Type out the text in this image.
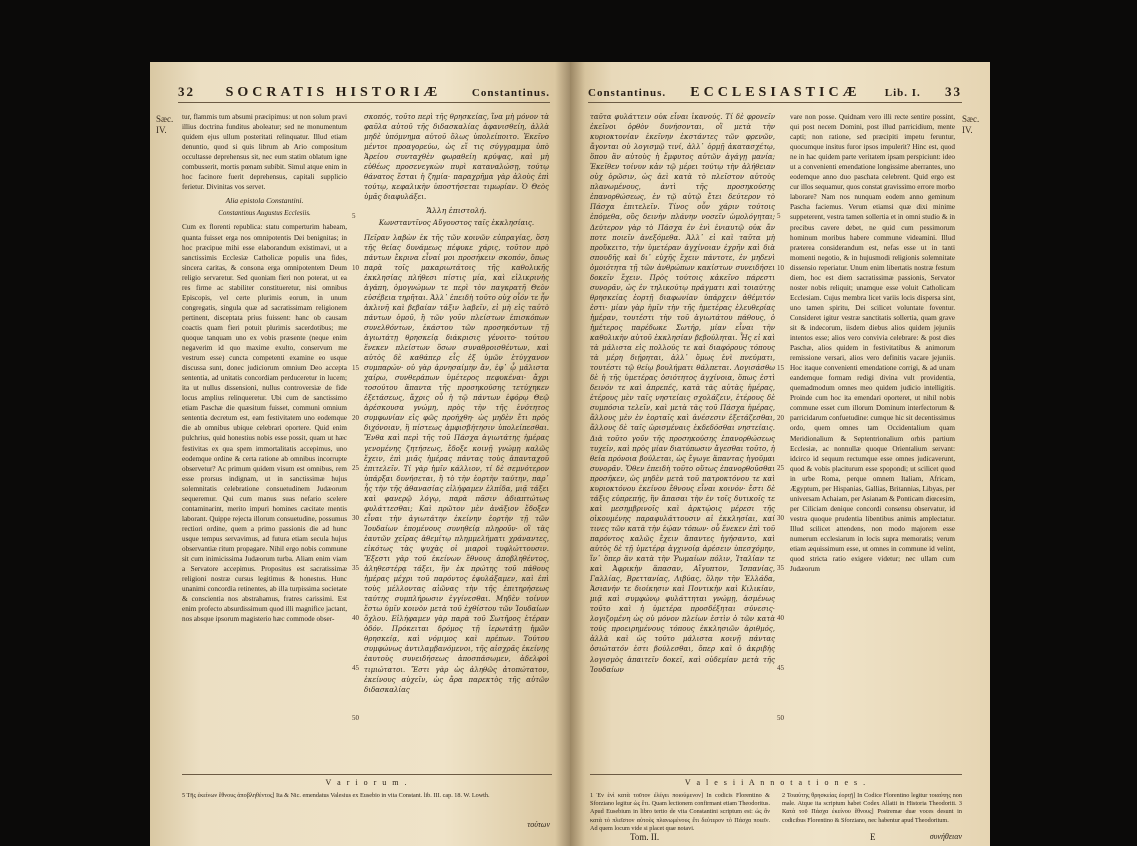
32 SOCRATIS HISTORIÆ	Constantinus.
Sæc. IV.

tur, flammis tum absumi præcipimus: ut non solum pravi illius doctrina funditus aboleatur; sed ne monumentum quidem ejus ullum posteritati relinquatur. Illud etiam denuntio, quod si quis librum ab Ario compositum occultasse deprehensus sit, nec eum statim oblatum igne combusserit, mortis pœnam subibit. Simul atque enim in hoc facinore fuerit deprehensus, capitali supplicio ferietur. Divinitas vos servet.

Alia epistola Constantini.

Constantinus Augustus Ecclesiis.

Cum ex florenti republica: statu comperturim habeam, quanta fuisset erga nos omnipotentis Dei benignitas; in hoc præcipue mihi esse elaborandum existimavi, ut a sanctissimis Ecclesiæ Catholicæ populis una fides, sincera caritas, & consona erga omnipotentem Deum religio servaretur. Sed quoniam fieri non poterat, ut ea res firme ac stabiliter constitueretur, nisi omnibus Episcopis, vel certe plurimis eorum, in unum congregatis, singula quæ ad sacratissimam religionem pertinent, disceptata prius fuissent: hanc ob causam coactis quam fieri potuit plurimis sacerdotibus; me quoque tanquam uno ex vobis præsente (neque enim negaverim id quo maxime exulto, conservum me vestrum esse) cuncta competenti examine eo usque discussa sunt, donec judiciorum omnium Deo accepta sententia, ad unitatis concordiam perduceretur in lucem; ita ut nullus dissensioni, nullus controversiæ de fide locus amplius relinqueretur. Ubi cum de sanctissimo etiam Paschæ die quæsitum fuisset, communi omnium sententia decretum est, eam festivitatem uno eodemque die ab omnibus ubique celebrari oportere. Quid enim pulchrius, quid honestius nobis esse possit, quam ut hæc festivitas ex qua spem immortalitatis accepimus, uno eodemque ordine & certa ratione ab omnibus incorrupte observetur? Ac primum quidem visum est omnibus, rem esse prorsus indignam, ut in sanctissimæ hujus solemnitatis celebratione consuetudinem Judæorum sequeremur. Qui cum manus suas nefario scelere contaminarint, merito impuri homines cæcitate mentis laborant. Quippe rejecta illorum consuetudine, possumus rectiori ordine, quem a primo passionis die ad hunc usque tempus servavimus, ad futura etiam secula hujus observantiæ ritum propagare. Nihil ergo nobis commune sit cum inimicissima Judæorum turba. Aliam enim viam a Servatore accepimus. Propositus est sacratissimæ religioni nostræ cursus legitimus & honestus. Hunc unanimi concordia retinentes, ab illa turpissima societate & conscientia nos abstrahamus, fratres carissimi. Est enim profecto absurdissimum quod illi magnifice jactant, nos absque ipsorum magisterio hæc commode obser-

5
10
15
20
25
30
35
40
45
50

σκοπός, τοῦτο περὶ τῆς θρησκείας, ἵνα μὴ μόνον τὰ φαῦλα αὐτοῦ τῆς διδασκαλίας ἀφανισθείη, ἀλλὰ μηδὲ ὑπόμνημα αὐτοῦ ὅλως ὑπολείποιτο. Ἐκεῖνο μέντοι προαγορεύω, ὡς εἴ τις σύγγραμμα ὑπὸ Ἀρείου συνταχθὲν φωραθείη κρύψας, καὶ μὴ εὐθέως προσενεγκὼν πυρὶ καταναλώσῃ, τούτῳ θάνατος ἔσται ἡ ζημία· παραχρῆμα γὰρ ἁλοὺς ἐπὶ τούτῳ, κεφαλικὴν ὑποστήσεται τιμωρίαν. Ὁ Θεὸς ὑμᾶς διαφυλάξει.

Ἄλλη ἐπιστολή.

Κωνσταντῖνος Αὔγουστος ταῖς ἐκκλησίαις.

Πεῖραν λαβὼν ἐκ τῆς τῶν κοινῶν εὐπραγίας, ὅση τῆς θείας δυνάμεως πέφυκε χάρις, τοῦτον πρὸ πάντων ἔκρινα εἶναί μοι προσήκειν σκοπόν, ὅπως παρὰ τοῖς μακαριωτάτοις τῆς καθολικῆς ἐκκλησίας πλήθεσι πίστις μία, καὶ εἰλικρινὴς ἀγάπη, ὁμογνώμων τε περὶ τὸν παγκρατῆ Θεὸν εὐσέβεια τηρῆται. Ἀλλ᾽ ἐπειδὴ τοῦτο οὐχ οἷόν τε ἦν ἀκλινῆ καὶ βεβαίαν τάξιν λαβεῖν, εἰ μὴ εἰς ταὐτὸ πάντων ὁμοῦ, ἢ τῶν γοῦν πλείστων ἐπισκόπων συνελθόντων, ἑκάστου τῶν προσηκόντων τῇ ἁγιωτάτῃ θρησκείᾳ διάκρισις γένοιτο· τούτου ἕνεκεν πλείστων ὅσων συναθροισθέντων, καὶ αὐτὸς δὲ καθάπερ εἷς ἐξ ὑμῶν ἐτύγχανον συμπαρών· οὐ γὰρ ἀρνησαίμην ἄν, ἐφ᾽ ᾧ μάλιστα χαίρω, συνθεράπων ὑμέτερος πεφυκέναι· ἄχρι τοσούτου ἅπαντα τῆς προσηκούσης τετύχηκεν ἐξετάσεως, ἄχρις οὗ ἡ τῷ πάντων ἐφόρῳ Θεῷ ἀρέσκουσα γνώμη, πρὸς τὴν τῆς ἑνότητος συμφωνίαν εἰς φῶς προήχθη· ὡς μηδὲν ἔτι πρὸς διχόνοιαν, ἢ πίστεως ἀμφισβήτησιν ὑπολείπεσθαι. Ἔνθα καὶ περὶ τῆς τοῦ Πάσχα ἁγιωτάτης ἡμέρας γενομένης ζητήσεως, ἔδοξε κοινῇ γνώμῃ καλῶς ἔχειν, ἐπὶ μιᾶς ἡμέρας πάντας τοὺς ἁπανταχοῦ ἐπιτελεῖν. Τί γὰρ ἡμῖν κάλλιον, τί δὲ σεμνότερον ὑπάρξαι δυνήσεται, ἢ τὸ τὴν ἑορτὴν ταύτην, παρ᾽ ἧς τὴν τῆς ἀθανασίας εἰλήφαμεν ἐλπίδα, μιᾷ τάξει καὶ φανερῷ λόγῳ, παρὰ πᾶσιν ἀδιαπτώτως φυλάττεσθαι; Καὶ πρῶτον μὲν ἀνάξιον ἔδοξεν εἶναι τὴν ἁγιωτάτην ἐκείνην ἑορτὴν τῇ τῶν Ἰουδαίων ἑπομένους συνηθείᾳ πληροῦν· οἳ τὰς ἑαυτῶν χεῖρας ἀθεμίτῳ πλημμελήματι χράναντες, εἰκότως τὰς ψυχὰς οἱ μιαροὶ τυφλώττουσιν. Ἔξεστι γὰρ τοῦ ἐκείνων ἔθνους ἀποβληθέντος, ἀληθεστέρᾳ τάξει, ἣν ἐκ πρώτης τοῦ πάθους ἡμέρας μέχρι τοῦ παρόντος ἐφυλάξαμεν, καὶ ἐπὶ τοὺς μέλλοντας αἰῶνας τὴν τῆς ἐπιτηρήσεως ταύτης συμπλήρωσιν ἐγγίνεσθαι. Μηδὲν τοίνυν ἔστω ὑμῖν κοινὸν μετὰ τοῦ ἐχθίστου τῶν Ἰουδαίων ὄχλου. Εἰλήφαμεν γὰρ παρὰ τοῦ Σωτῆρος ἑτέραν ὁδόν. Πρόκειται δρόμος τῇ ἱερωτάτῃ ἡμῶν θρησκείᾳ, καὶ νόμιμος καὶ πρέπων. Τούτου συμφώνως ἀντιλαμβανόμενοι, τῆς αἰσχρᾶς ἐκείνης ἑαυτοὺς συνειδήσεως ἀποσπάσωμεν, ἀδελφοὶ τιμιώτατοι. Ἔστι γὰρ ὡς ἀληθῶς ἀτοπώτατον, ἐκείνους αὐχεῖν, ὡς ἄρα παρεκτὸς τῆς αὐτῶν διδασκαλίας

V a r i o r u m .
5 Τῆς ἐκείνων ἔθνους ἀποβληθέντος] Ita & Nic. emendatus Valesius ex Eusebio in vita Constant. lib. III. cap. 18. W. Lowth.
τούτων
Constantinus. ECCLESIASTICÆ Lib. I. 33
Sæc. IV.

ταῦτα φυλάττειν οὐκ εἶναι ἱκανούς. Τί δὲ φρονεῖν ἐκεῖνοι ὀρθὸν δυνήσονται, οἳ μετὰ τὴν κυριοκτονίαν ἐκεῖνην ἐκστάντες τῶν φρενῶν, ἄγονται οὐ λογισμῷ τινί, ἀλλ᾽ ὁρμῇ ἀκατασχέτῳ, ὅπου ἂν αὐτοὺς ἡ ἔμφυτος αὐτῶν ἀγάγῃ μανία; Ἐκεῖθεν τοίνυν κἀν τῷ μέρει τούτῳ τὴν ἀλήθειαν οὐχ ὁρῶσιν, ὡς ἀεὶ κατὰ τὸ πλεῖστον αὐτοὺς πλανωμένους, ἀντὶ τῆς προσηκούσης ἐπανορθώσεως, ἐν τῷ αὐτῷ ἔτει δεύτερον τὸ Πάσχα ἐπιτελεῖν. Τίνος οὖν χάριν τούτοις ἑπόμεθα, οὓς δεινὴν πλάνην νοσεῖν ὡμολόγηται; Δεύτερον γὰρ τὸ Πάσχα ἐν ἑνὶ ἐνιαυτῷ οὐκ ἄν ποτε ποιεῖν ἀνεξόμεθα. Ἀλλ᾽ εἰ καὶ ταῦτα μὴ προὔκειτο, τὴν ὑμετέραν ἀγχίνοιαν ἐχρῆν καὶ διὰ σπουδῆς καὶ δι᾽ εὐχῆς ἔχειν πάντοτε, ἐν μηδενὶ ὁμοιότητα τῇ τῶν ἀνθρώπων κακίστων συνειδήσει δοκεῖν ἔχειν. Πρὸς τούτοις κἀκεῖνο πάρεστι συνορᾶν, ὡς ἐν τηλικούτῳ πράγματι καὶ τοιαύτης θρησκείας ἑορτῇ διαφωνίαν ὑπάρχειν ἀθέμιτόν ἐστι· μίαν γὰρ ἡμῖν τὴν τῆς ἡμετέρας ἐλευθερίας ἡμέραν, τουτέστι τὴν τοῦ ἁγιωτάτου πάθους, ὁ ἡμέτερος παρέδωκε Σωτήρ, μίαν εἶναι τὴν καθολικὴν αὐτοῦ ἐκκλησίαν βεβούληται. Ἧς εἰ καὶ τὰ μάλιστα εἰς πολλούς τε καὶ διαφόρους τόπους τὰ μέρη διῄρηται, ἀλλ᾽ ὅμως ἑνὶ πνεύματι, τουτέστι τῷ θείῳ βουλήματι θάλπεται. Λογισάσθω δὲ ἡ τῆς ὑμετέρας ὁσιότητος ἀγχίνοια, ὅπως ἐστὶ δεινόν τε καὶ ἀπρεπές, κατὰ τὰς αὐτὰς ἡμέρας, ἑτέρους μὲν ταῖς νηστείαις σχολάζειν, ἑτέρους δὲ συμπόσια τελεῖν, καὶ μετὰ τὰς τοῦ Πάσχα ἡμέρας, ἄλλους μὲν ἐν ἑορταῖς καὶ ἀνέσεσιν ἐξετάζεσθαι, ἄλλους δὲ ταῖς ὡρισμέναις ἐκδεδόσθαι νηστείαις. Διὰ τοῦτο γοῦν τῆς προσηκούσης ἐπανορθώσεως τυχεῖν, καὶ πρὸς μίαν διατύπωσιν ἄγεσθαι τοῦτο, ἡ θεία πρόνοια βούλεται, ὡς ἔγωγε ἅπαντας ἡγοῦμαι συνορᾶν. Ὅθεν ἐπειδὴ τοῦτο οὕτως ἐπανορθοῦσθαι προσῆκεν, ὡς μηδὲν μετὰ τοῦ πατροκτόνου τε καὶ κυριοκτόνου ἐκείνου ἔθνους εἶναι κοινόν· ἔστι δὲ τάξις εὐπρεπής, ἣν ἅπασαι τὴν ἐν τοῖς δυτικοῖς τε καὶ μεσημβρινοῖς καὶ ἀρκτῴοις μέρεσι τῆς οἰκουμένης παραφυλάττουσιν αἱ ἐκκλησίαι, καί τινες τῶν κατὰ τὴν ἑῴαν τόπων· οὗ ἕνεκεν ἐπὶ τοῦ παρόντος καλῶς ἔχειν ἅπαντες ἡγήσαντο, καὶ αὐτὸς δὲ τῇ ὑμετέρᾳ ἀγχινοίᾳ ἀρέσειν ὑπεσχόμην, ἵν᾽ ὅπερ ἂν κατὰ τὴν Ῥωμαίων πόλιν, Ἰταλίαν τε καὶ Ἀφρικὴν ἅπασαν, Αἴγυπτον, Ἱσπανίας, Γαλλίας, Βρεττανίας, Λιβύας, ὅλην τὴν Ἑλλάδα, Ἀσιανήν τε διοίκησιν καὶ Ποντικὴν καὶ Κιλικίαν, μιᾷ καὶ συμφώνῳ φυλάττηται γνώμῃ, ἀσμένως τοῦτο καὶ ἡ ὑμετέρα προσδέξηται σύνεσις· λογιζομένη ὡς οὐ μόνον πλείων ἐστὶν ὁ τῶν κατὰ τοὺς προειρημένους τόπους ἐκκλησιῶν ἀριθμός, ἀλλὰ καὶ ὡς τοῦτο μάλιστα κοινῇ πάντας ὁσιώτατόν ἐστι βούλεσθαι, ὅπερ καὶ ὁ ἀκριβὴς λογισμὸς ἀπαιτεῖν δοκεῖ, καὶ οὐδεμίαν μετὰ τῆς Ἰουδαίων

5
10
15
20
25
30
35
40
45
50

vare non posse. Quidnam vero illi recte sentire possint, qui post necem Domini, post illud parricidium, mente capti; non ratione, sed præcipiti impetu feruntur, quocumque insitus furor ipsos impulerit? Hinc est, quod ne in hac quidem parte veritatem ipsam perspiciunt: ideo ut a convenienti emendatione longissime aberrantes, uno eodemque anno duo paschata celebrent. Quid ergo est cur illos sequamur, quos constat gravissimo errore morbo laborare? Nam nos nunquam eodem anno geminum Pascha faciemus. Verum etiamsi quæ dixi minime suppeterent, vestra tamen sollertia et in omni studio & in precibus cavere debet, ne quid cum pessimorum hominum moribus habere commune videamini. Illud præterea considerandum est, nefas esse ut in tanti momenti negotio, & in hujusmodi religionis solemnitate dissensio reperiatur. Unum enim libertatis nostræ festum diem, hoc est diem sacratissimæ passionis, Servator noster nobis reliquit; unamque esse voluit Catholicam Ecclesiam. Cujus membra licet variis locis dispersa sint, uno tamen spiritu, Dei scilicet voluntate foventur. Consideret igitur vestræ sanctitatis sollertia, quam grave sit & indecorum, iisdem diebus alios quidem jejuniis intentos esse; alios vero convivia celebrare: & post dies Paschæ, alios quidem in festivitatibus & animorum remissione versari, alios vero definitis vacare jejuniis. Hoc itaque convenienti emendatione corrigi, & ad unam eandemque formam redigi divina vult providentia, quemadmodum omnes meo quidem judicio intelligitis. Proinde cum hoc ita emendari oporteret, ut nihil nobis commune esset cum illorum Dominum interfectorum & parricidarum confuetudine: cumque hic sit decentissimus ordo, quem omnes tam Occidentalium quam Meridionalium & Septentrionalium orbis partium Ecclesiæ, ac nonnullæ quoque Orientalium servant: idcirco id sequum rectumque esse omnes judicaverunt, quod & vobis placiturum esse spopondi; ut scilicet quod in urbe Roma, perque omnem Italiam, Africam, Ægyptum, per Hispanias, Gallias, Britannias, Libyas, per universam Achaiam, per Asianam & Ponticam diœcesim, per Ciliciam denique concordi consensu observatur, id vestra quoque prudentia libentibus animis amplectatur. Illud scilicet attendens, non modo majorem esse numerum ecclesiarum in locis supra memoratis; verum etiam æquissimum esse, ut omnes in commune id velint, quod stricta ratio exigere videtur; nec ullam cum Judæorum

V a l e s i i A n n o t a t i o n e s .
1 Ἐν ἑνὶ κατὰ τοῦτον ἐλέγει ποιούμενον] In codicis Florentino & Sforziano legitur ὡς ἔτι. Quam lectionem confirmant etiam Theodoritus. Apud Eusebium in libro tertio de vita Constantini scriptum est: ὡς ἂν κατὰ τὸ πλεῖστον αὐτοὺς πλανωμένους ἔτι δεύτερον τὸ Πάσχα ποιεῖν. Ad quem locum vide si placet quæ notavi.
2 Τοιαύτης θρησκείας ἑορτῇ] In Codice Florentino legitur τοιαύτης non male. Atque ita scriptum habet Codex Allatii in Historia Theodoriti. 3 Κατὰ τοῦ Πάσχα ἐκείνου ἔθνους] Postremæ duæ voces desunt in codicibus Florentino & Sforziano, nec habentur apud Theodoritum.
Tom. II.	E	συνήθειαν
